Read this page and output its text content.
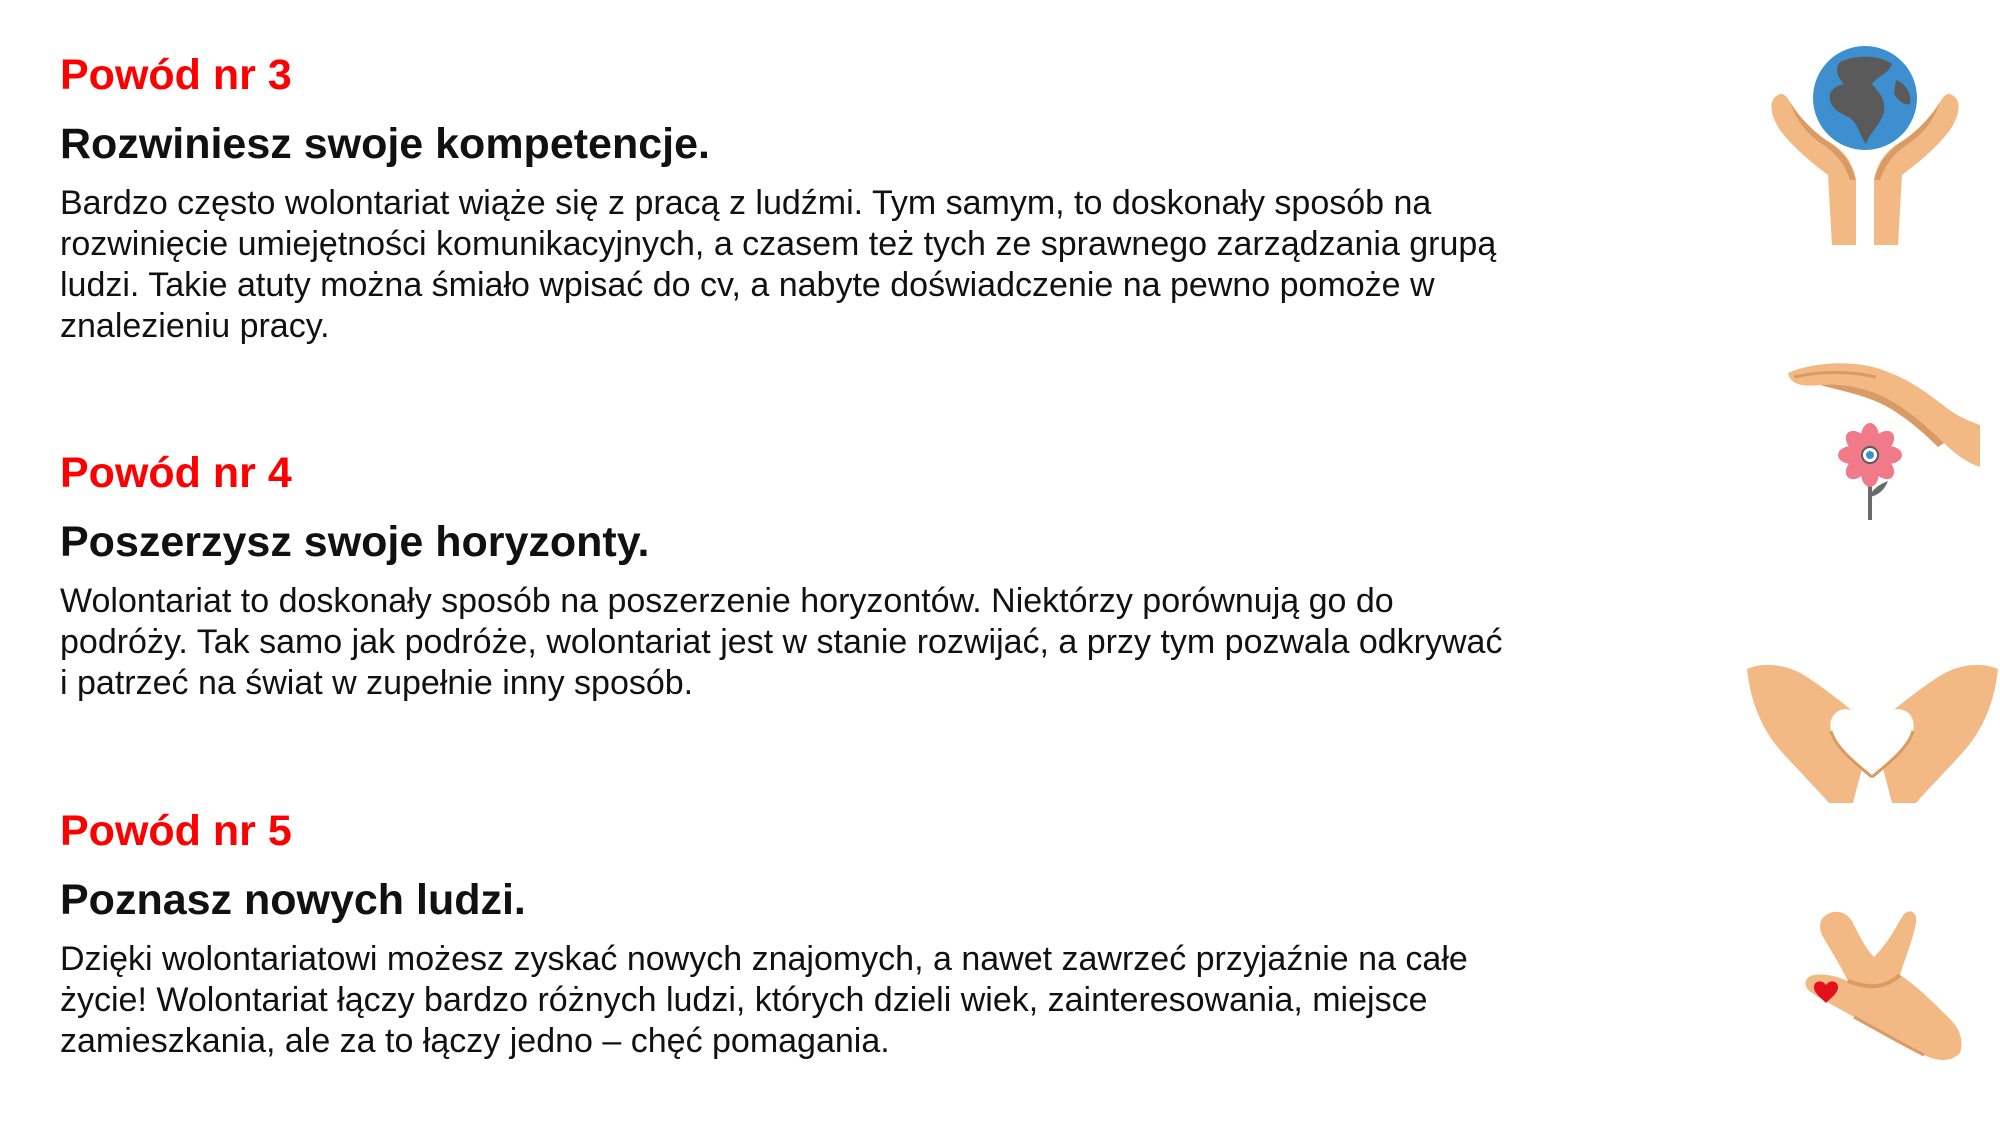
Powód nr 3
Rozwiniesz swoje kompetencje.
Bardzo często wolontariat wiąże się z pracą z ludźmi. Tym samym, to doskonały sposób na
rozwinięcie umiejętności komunikacyjnych, a czasem też tych ze sprawnego zarządzania grupą
ludzi. Takie atuty można śmiało wpisać do cv, a nabyte doświadczenie na pewno pomoże w
znalezieniu pracy.
Powód nr 4
Poszerzysz swoje horyzonty.
Wolontariat to doskonały sposób na poszerzenie horyzontów. Niektórzy porównują go do
podróży. Tak samo jak podróże, wolontariat jest w stanie rozwijać, a przy tym pozwala odkrywać
i patrzeć na świat w zupełnie inny sposób.
Powód nr 5
Poznasz nowych ludzi.
Dzięki wolontariatowi możesz zyskać nowych znajomych, a nawet zawrzeć przyjaźnie na całe
życie! Wolontariat łączy bardzo różnych ludzi, których dzieli wiek, zainteresowania, miejsce
zamieszkania, ale za to łączy jedno – chęć pomagania.
